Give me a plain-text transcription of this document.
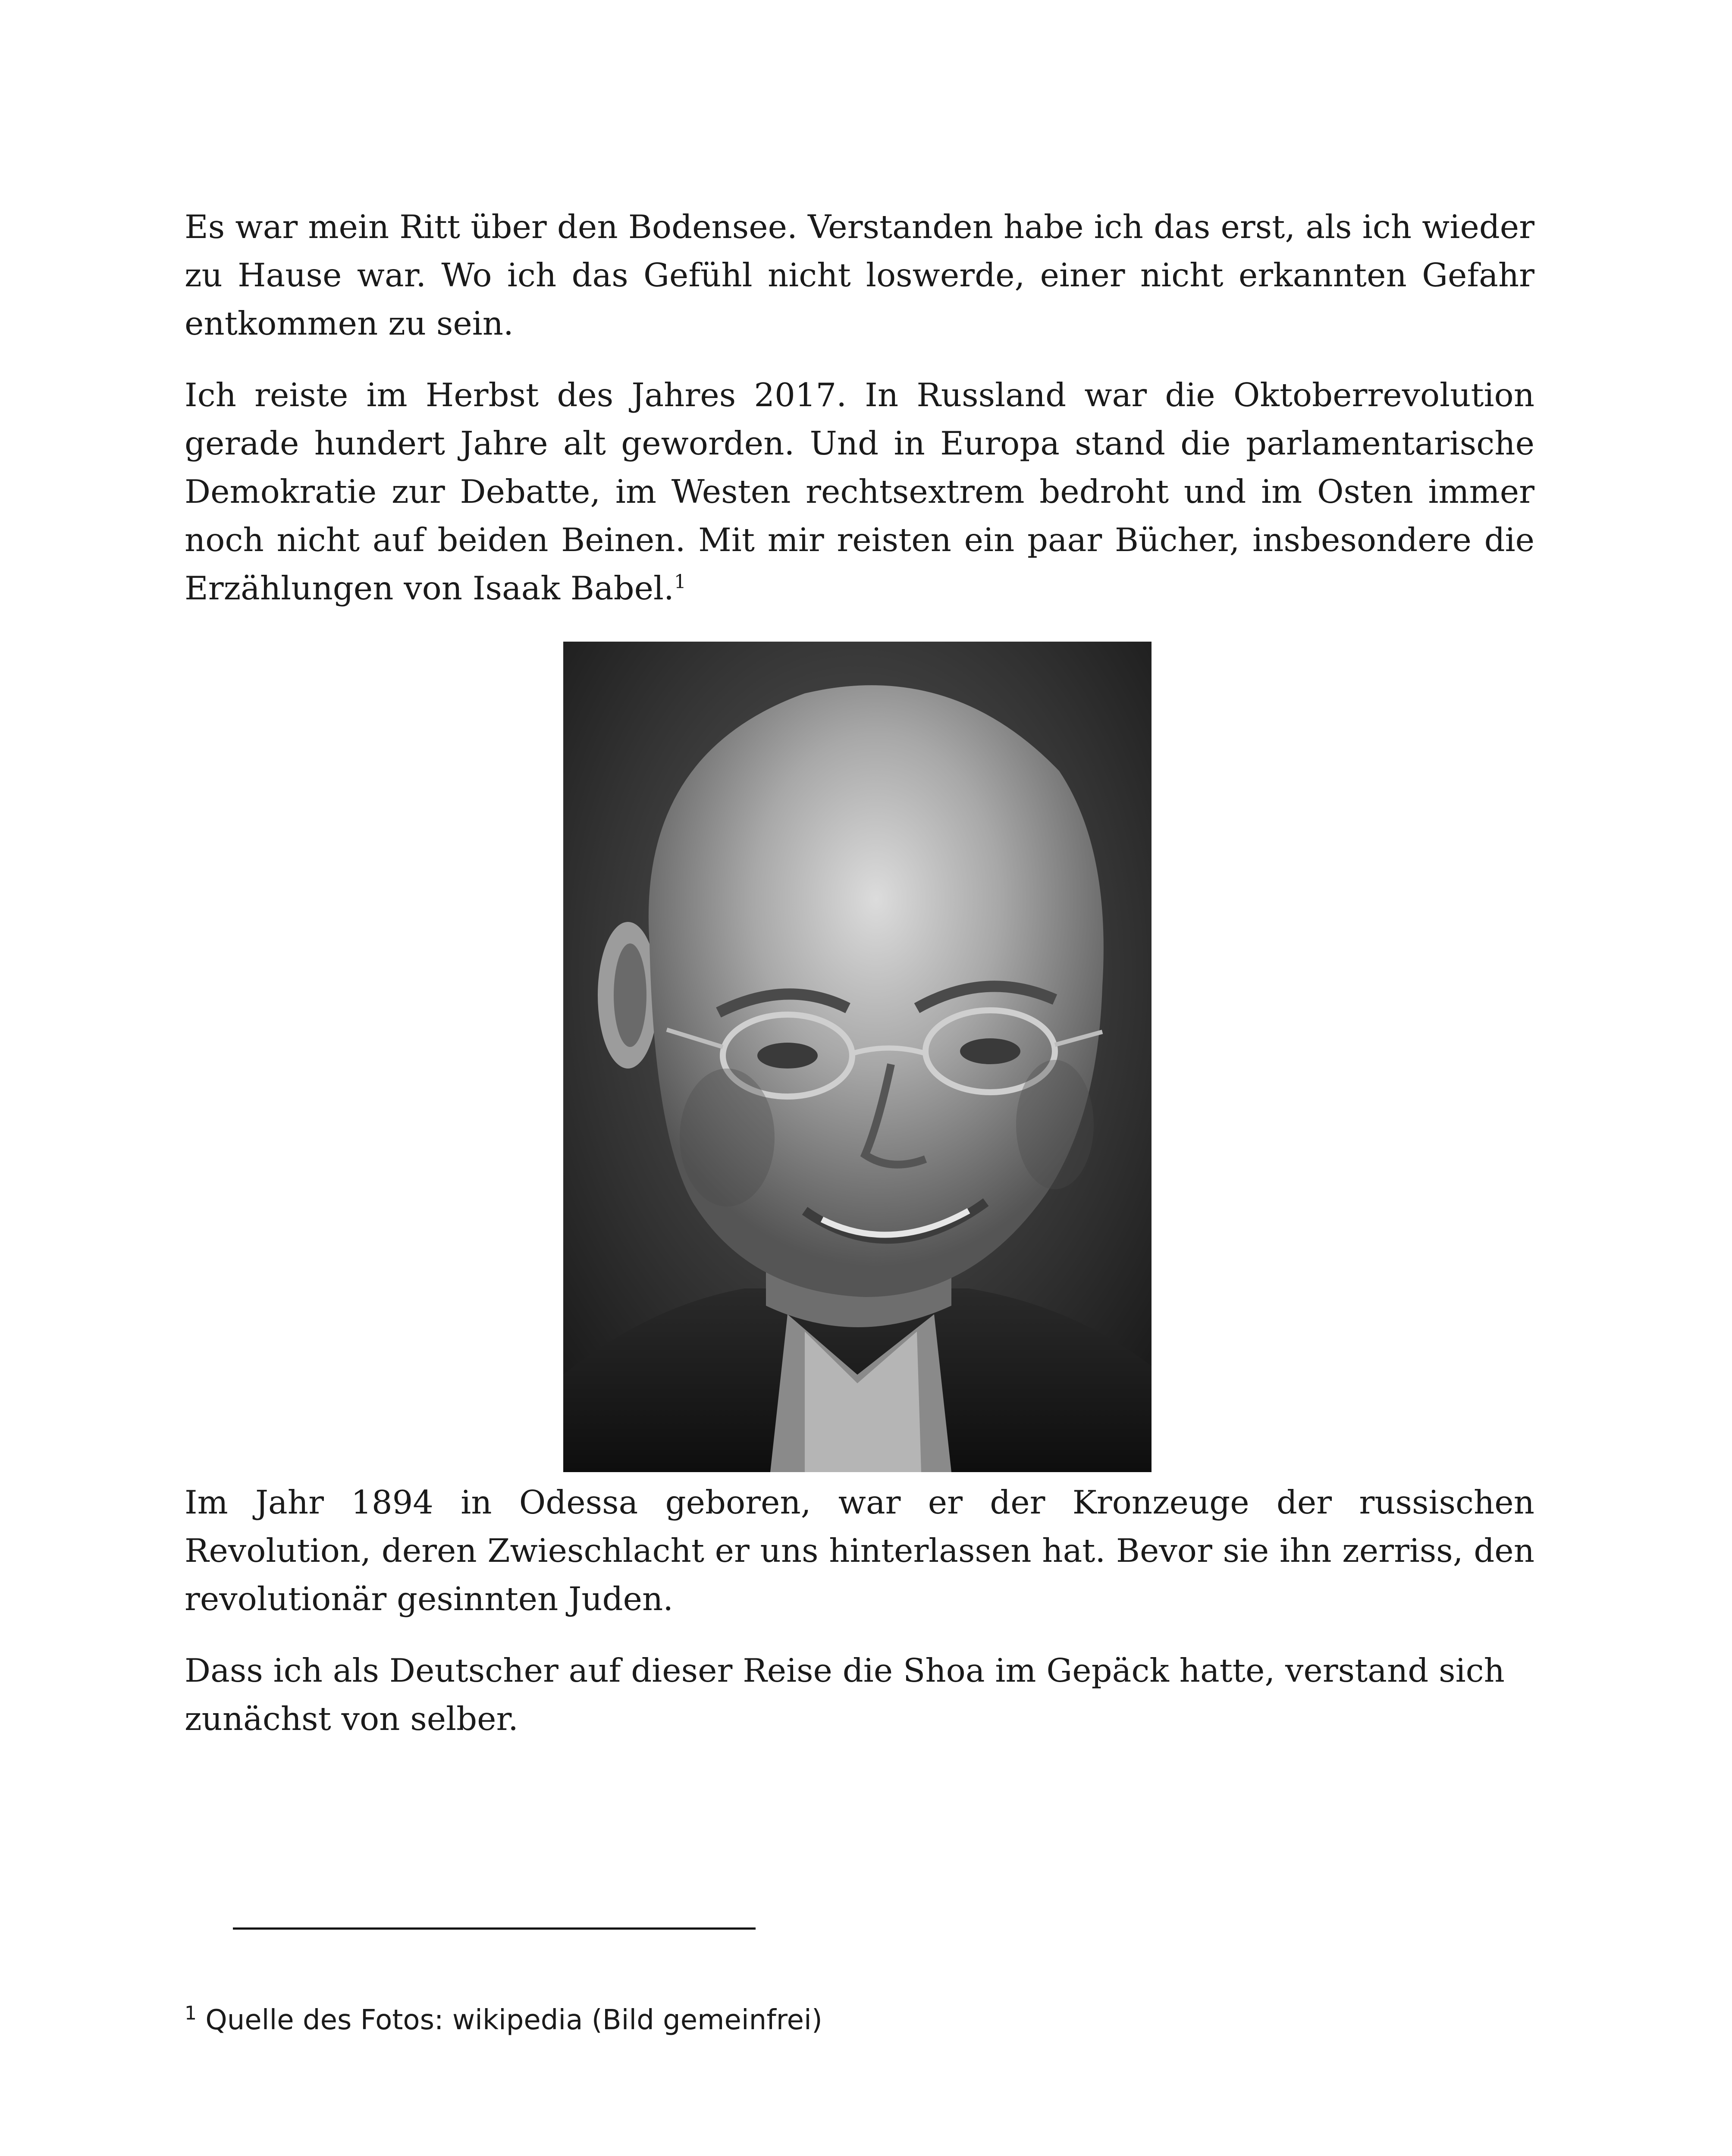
Es war mein Ritt über den Bodensee. Verstanden habe ich das erst, als ich wieder zu Hause war. Wo ich das Gefühl nicht loswerde, einer nicht erkannten Gefahr entkommen zu sein.

Ich reiste im Herbst des Jahres 2017. In Russland war die Oktoberrevolution gerade hundert Jahre alt geworden. Und in Europa stand die parlamentarische Demokratie zur Debatte, im Westen rechtsextrem bedroht und im Osten immer noch nicht auf beiden Beinen. Mit mir reisten ein paar Bücher, insbesondere die Erzählungen von Isaak Babel.$^1$

Im Jahr 1894 in Odessa geboren, war er der Kronzeuge der russischen Revolution, deren Zwieschlacht er uns hinterlassen hat. Bevor sie ihn zerriss, den revolutionär gesinnten Juden.

Dass ich als Deutscher auf dieser Reise die Shoa im Gepäck hatte, verstand sich zunächst von selber.

$^1$ Quelle des Fotos: wikipedia (Bild gemeinfrei)
